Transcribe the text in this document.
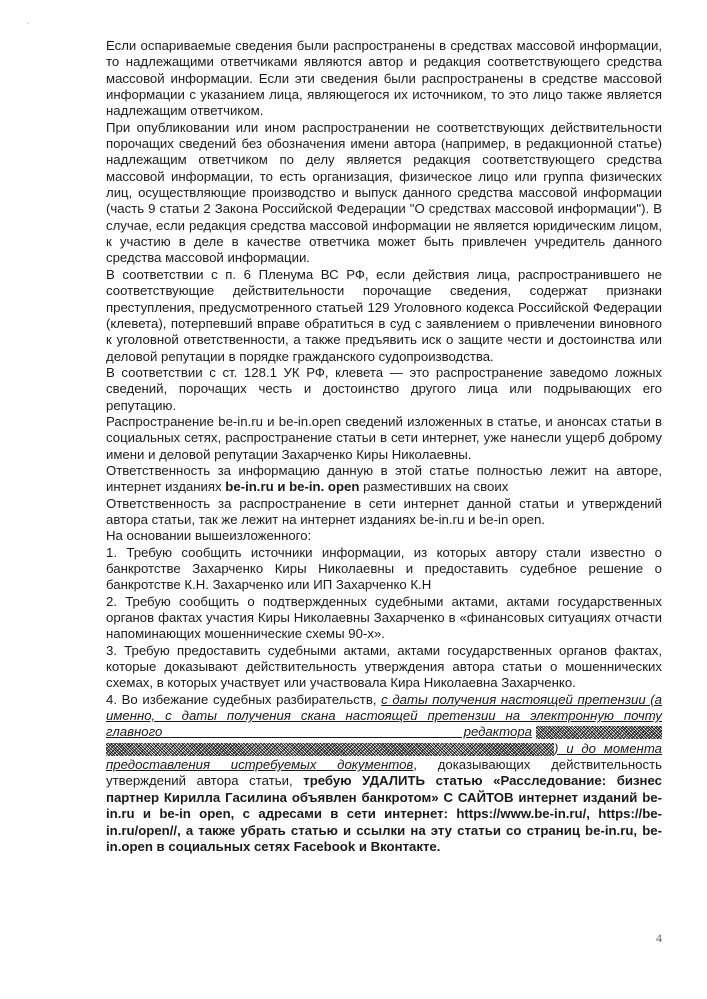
-

Если оспариваемые сведения были распространены в средствах массовой информации, то надлежащими ответчиками являются автор и редакция соответствующего средства массовой информации. Если эти сведения были распространены в средстве массовой информации с указанием лица, являющегося их источником, то это лицо также является надлежащим ответчиком.

При опубликовании или ином распространении не соответствующих действительности порочащих сведений без обозначения имени автора (например, в редакционной статье) надлежащим ответчиком по делу является редакция соответствующего средства массовой информации, то есть организация, физическое лицо или группа физических лиц, осуществляющие производство и выпуск данного средства массовой информации (часть 9 статьи 2 Закона Российской Федерации "О средствах массовой информации"). В случае, если редакция средства массовой информации не является юридическим лицом, к участию в деле в качестве ответчика может быть привлечен учредитель данного средства массовой информации.

В соответствии с п. 6 Пленума ВС РФ, если действия лица, распространившего не соответствующие действительности порочащие сведения, содержат признаки преступления, предусмотренного статьей 129 Уголовного кодекса Российской Федерации (клевета), потерпевший вправе обратиться в суд с заявлением о привлечении виновного к уголовной ответственности, а также предъявить иск о защите чести и достоинства или деловой репутации в порядке гражданского судопроизводства.

В соответствии с ст. 128.1 УК РФ, клевета — это распространение заведомо ложных сведений, порочащих честь и достоинство другого лица или подрывающих его репутацию.

Распространение be-in.ru и be-in.open сведений изложенных в статье, и анонсах статьи в социальных сетях, распространение статьи в сети интернет, уже нанесли ущерб доброму имени и деловой репутации Захарченко Киры Николаевны.

Ответственность за информацию данную в этой статье полностью лежит на авторе, интернет изданиях be-in.ru и be-in. open разместивших на своих

Ответственность за распространение в сети интернет данной статьи и утверждений автора статьи, так же лежит на интернет изданиях be-in.ru и be-in open.

На основании вышеизложенного:

1. Требую сообщить источники информации, из которых автору стали известно о банкротстве Захарченко Киры Николаевны и предоставить судебное решение о банкротстве К.Н. Захарченко или ИП Захарченко К.Н

2. Требую сообщить о подтвержденных судебными актами, актами государственных органов фактах участия Киры Николаевны Захарченко в «финансовых ситуациях отчасти напоминающих мошеннические схемы 90-х».

3. Требую предоставить судебными актами, актами государственных органов фактах, которые доказывают действительность утверждения автора статьи о мошеннических схемах, в которых участвует или участвовала Кира Николаевна Захарченко.

4. Во избежание судебных разбирательств, с даты получения настоящей претензии (а именно, с даты получения скана настоящей претензии на электронную почту главного редактора) и до момента предоставления истребуемых документов, доказывающих действительность утверждений автора статьи, требую УДАЛИТЬ статью «Расследование: бизнес партнер Кирилла Гасилина объявлен банкротом» С САЙТОВ интернет изданий be-in.ru и be-in open, с адресами в сети интернет: https://www.be-in.ru/, https://be-in.ru/open//, а также убрать статью и ссылки на эту статьи со страниц be-in.ru, be-in.open в социальных сетях Facebook и Вконтакте.

4
